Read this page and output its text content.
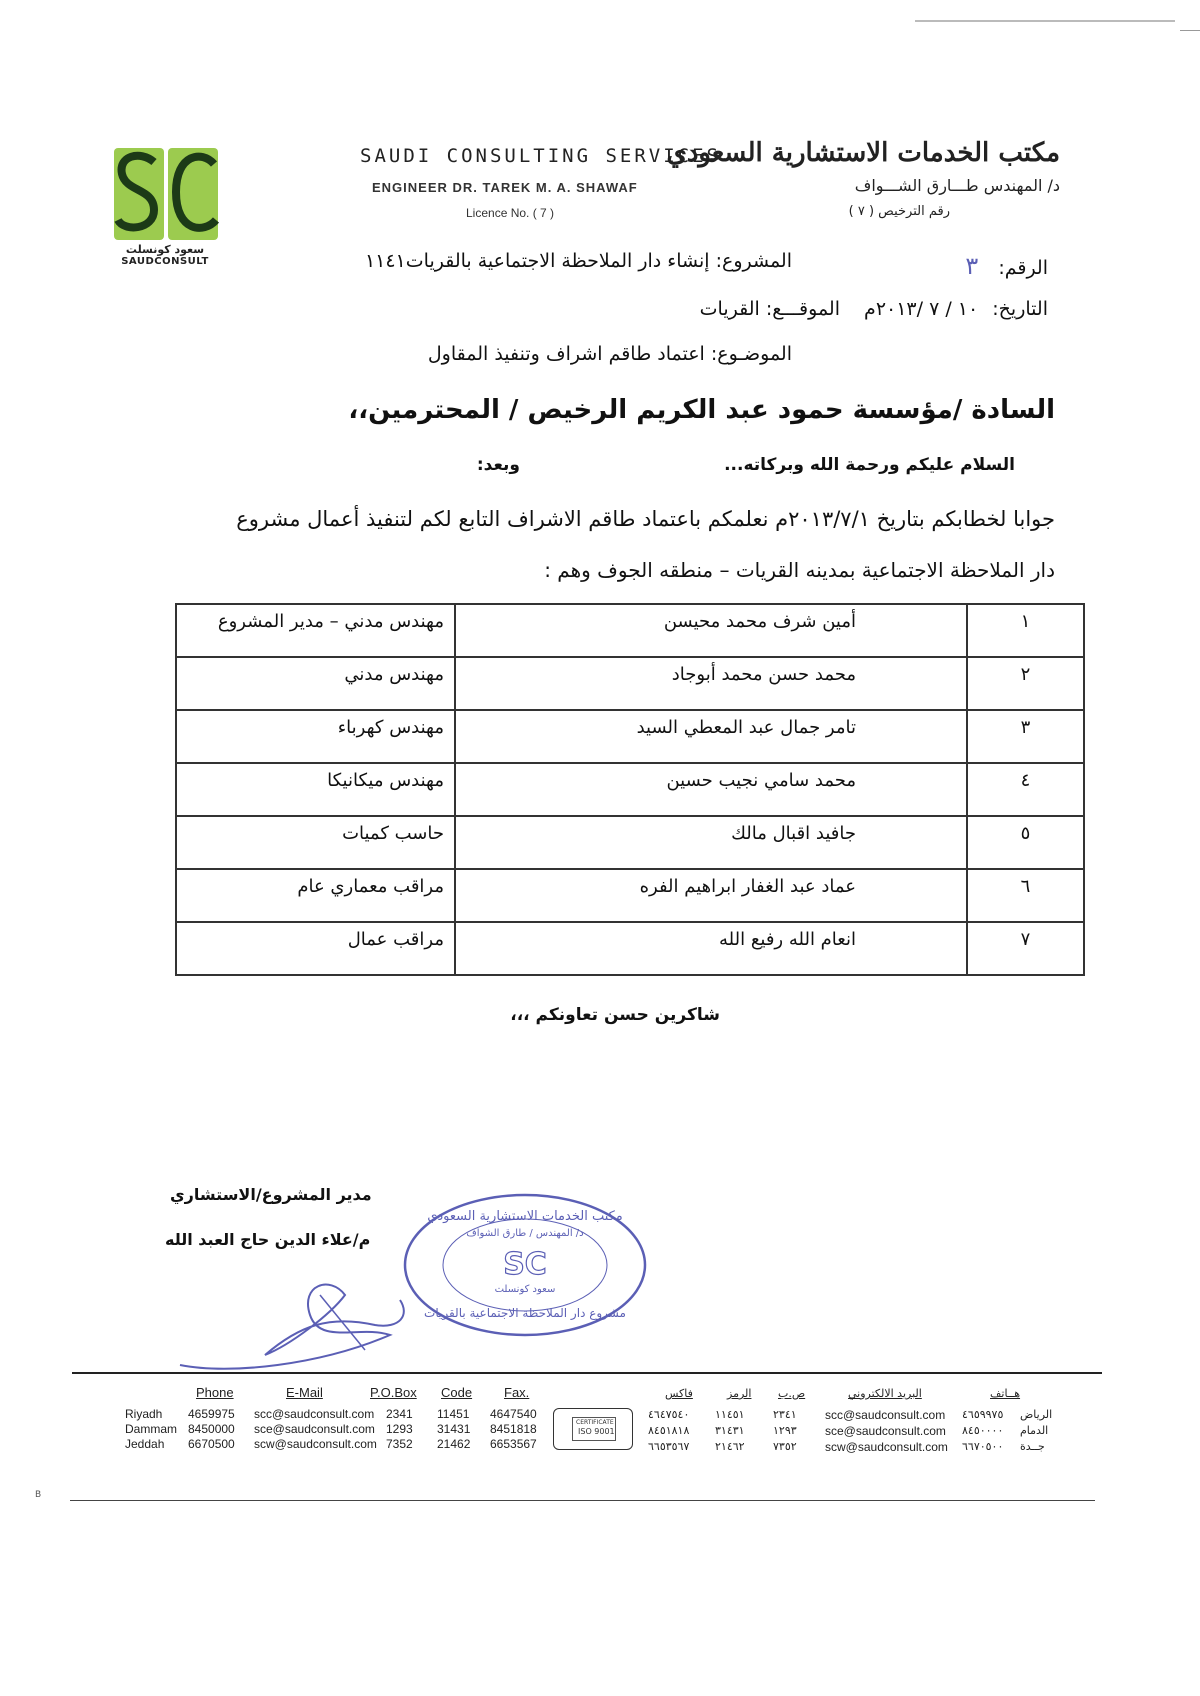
سعود كونسلت
SAUDCONSULT
SAUDI CONSULTING SERVICES
ENGINEER DR. TAREK M. A. SHAWAF
Licence No. ( 7 )
مكتب الخدمات الاستشارية السعودي
د/ المهندس طـــارق الشـــواف
رقم الترخيص ( ٧ )
الرقم: ٣
المشروع: إنشاء دار الملاحظة الاجتماعية بالقريات١١٤١
التاريخ: ١٠ / ٧ /٢٠١٣م الموقـــع: القريات
الموضـوع: اعتماد طاقم اشراف وتنفيذ المقاول
السادة /مؤسسة حمود عبد الكريم الرخيص / المحترمين،،
السلام عليكم ورحمة الله وبركاته...
وبعد:
جوابا لخطابكم بتاريخ ٢٠١٣/٧/١م نعلمكم باعتماد طاقم الاشراف التابع لكم لتنفيذ أعمال مشروع
دار الملاحظة الاجتماعية بمدينه القريات – منطقه الجوف وهم :
١	أمين شرف محمد محيسن	مهندس مدني – مدير المشروع
٢	محمد حسن محمد أبوجاد	مهندس مدني
٣	تامر جمال عبد المعطي السيد	مهندس كهرباء
٤	محمد سامي نجيب حسين	مهندس ميكانيكا
٥	جافيد اقبال مالك	حاسب كميات
٦	عماد عبد الغفار ابراهيم الفره	مراقب معماري عام
٧	انعام الله رفيع الله	مراقب عمال
شاكرين حسن تعاونكم ،،،
مدير المشروع/الاستشاري
م/علاء الدين حاج العبد الله
مكتب الخدمات الاستشارية السعودي
د/ المهندس / طارق الشواف
SC
سعود كونسلت
مشروع دار الملاحظة الاجتماعية بالقريات
Phone	E-Mail	P.O.Box Code Fax.
Riyadh 4659975 scc@saudconsult.com 2341 11451 4647540
Dammam 8450000 sce@saudconsult.com 1293 31431 8451818
Jeddah 6670500 scw@saudconsult.com 7352 21462 6653567
CERTIFICATE
ISO 9001
فاكس	الرمز ص.ب	البريد الالكتروني	هــاتف
٤٦٤٧٥٤٠ ١١٤٥١	٢٣٤١ scc@saudconsult.com ٤٦٥٩٩٧٥ الرياض
٨٤٥١٨١٨ ٣١٤٣١	١٢٩٣ sce@saudconsult.com ٨٤٥٠٠٠٠ الدمام
٦٦٥٣٥٦٧ ٢١٤٦٢	٧٣٥٢ scw@saudconsult.com ٦٦٧٠٥٠٠ جــدة
B
